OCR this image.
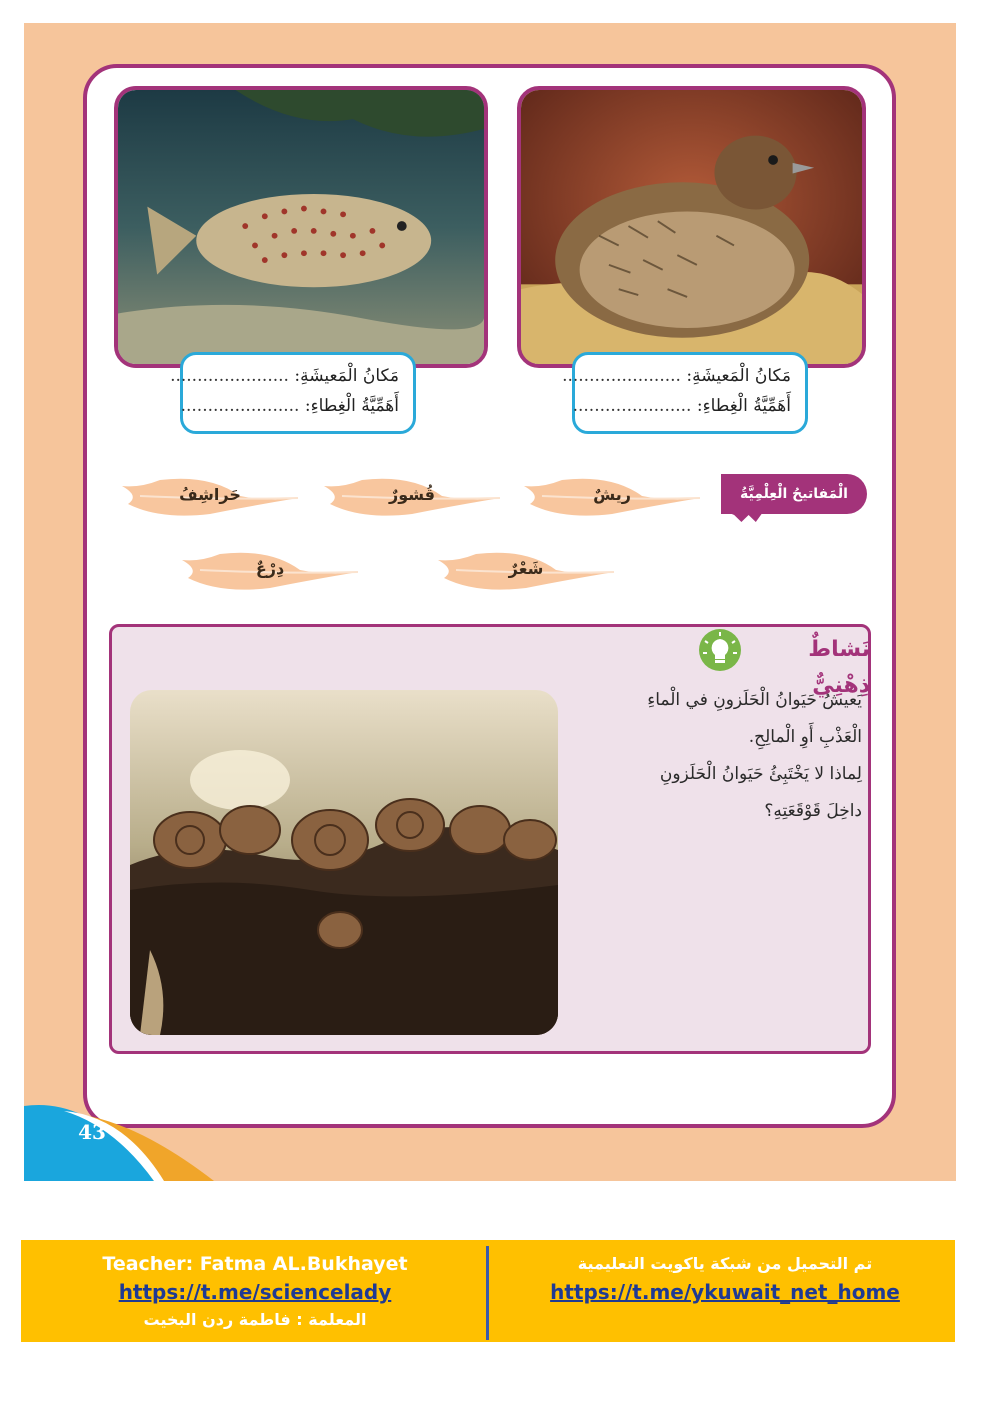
مَكانُ الْمَعيشَةِ: ......................
أَهَمِّيَّةُ الْغِطاءِ: ......................
مَكانُ الْمَعيشَةِ: ......................
أَهَمِّيَّةُ الْغِطاءِ: ......................
الْمَفاتيحُ الْعِلْمِيَّةُ
ريشٌ
قُشورٌ
حَراشِفُ
شَعْرٌ
دِرْعٌ
نَشاطٌ ذِهْنِيٌّ
يَعيشُ حَيَوانُ الْحَلَزونِ في الْماءِ
الْعَذْبِ أَوِ الْمالِحِ.
لِماذا لا يَخْتَبِئُ حَيَوانُ الْحَلَزونِ
داخِلَ قَوْقَعَتِهِ؟
43
Teacher: Fatma AL.Bukhayet
https://t.me/sciencelady
المعلمة : فاطمة ردن البخيت
تم التحميل من شبكة ياكويت التعليمية
https://t.me/ykuwait_net_home
